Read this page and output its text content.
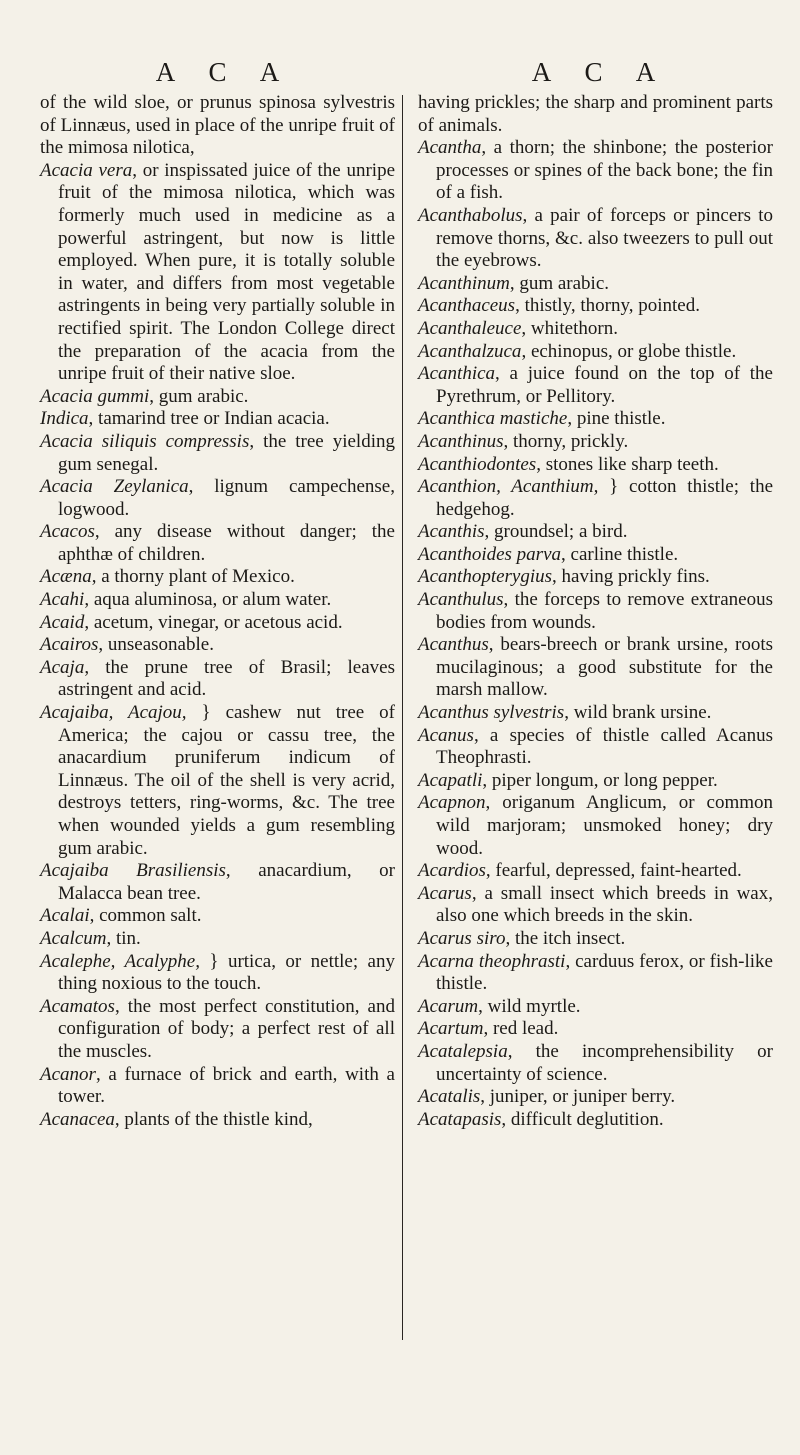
A C A

of the wild sloe, or prunus spinosa sylvestris of Linnæus, used in place of the unripe fruit of the mimosa nilotica,

Acacia vera, or inspissated juice of the unripe fruit of the mimosa nilotica, which was formerly much used in medicine as a powerful astringent, but now is little employed. When pure, it is totally soluble in water, and differs from most vegetable astringents in being very partially soluble in rectified spirit. The London College direct the preparation of the acacia from the unripe fruit of their native sloe.

Acacia gummi, gum arabic.

Indica, tamarind tree or Indian acacia.

Acacia siliquis compressis, the tree yielding gum senegal.

Acacia Zeylanica, lignum campechense, logwood.

Acacos, any disease without danger; the aphthæ of children.

Acæna, a thorny plant of Mexico.

Acahi, aqua aluminosa, or alum water.

Acaid, acetum, vinegar, or acetous acid.

Acairos, unseasonable.

Acaja, the prune tree of Brasil; leaves astringent and acid.

Acajaiba, Acajou, } cashew nut tree of America; the cajou or cassu tree, the anacardium pruniferum indicum of Linnæus. The oil of the shell is very acrid, destroys tetters, ring-worms, &c. The tree when wounded yields a gum resembling gum arabic.

Acajaiba Brasiliensis, anacardium, or Malacca bean tree.

Acalai, common salt.

Acalcum, tin.

Acalephe, Acalyphe, } urtica, or nettle; any thing noxious to the touch.

Acamatos, the most perfect constitution, and configuration of body; a perfect rest of all the muscles.

Acanor, a furnace of brick and earth, with a tower.

Acanacea, plants of the thistle kind,

A C A

having prickles; the sharp and prominent parts of animals.

Acantha, a thorn; the shinbone; the posterior processes or spines of the back bone; the fin of a fish.

Acanthabolus, a pair of forceps or pincers to remove thorns, &c. also tweezers to pull out the eyebrows.

Acanthinum, gum arabic.

Acanthaceus, thistly, thorny, pointed.

Acanthaleuce, whitethorn.

Acanthalzuca, echinopus, or globe thistle.

Acanthica, a juice found on the top of the Pyrethrum, or Pellitory.

Acanthica mastiche, pine thistle.

Acanthinus, thorny, prickly.

Acanthiodontes, stones like sharp teeth.

Acanthion, Acanthium, } cotton thistle; the hedgehog.

Acanthis, groundsel; a bird.

Acanthoides parva, carline thistle.

Acanthopterygius, having prickly fins.

Acanthulus, the forceps to remove extraneous bodies from wounds.

Acanthus, bears-breech or brank ursine, roots mucilaginous; a good substitute for the marsh mallow.

Acanthus sylvestris, wild brank ursine.

Acanus, a species of thistle called Acanus Theophrasti.

Acapatli, piper longum, or long pepper.

Acapnon, origanum Anglicum, or common wild marjoram; unsmoked honey; dry wood.

Acardios, fearful, depressed, faint-hearted.

Acarus, a small insect which breeds in wax, also one which breeds in the skin.

Acarus siro, the itch insect.

Acarna theophrasti, carduus ferox, or fish-like thistle.

Acarum, wild myrtle.

Acartum, red lead.

Acatalepsia, the incomprehensibility or uncertainty of science.

Acatalis, juniper, or juniper berry.

Acatapasis, difficult deglutition.
